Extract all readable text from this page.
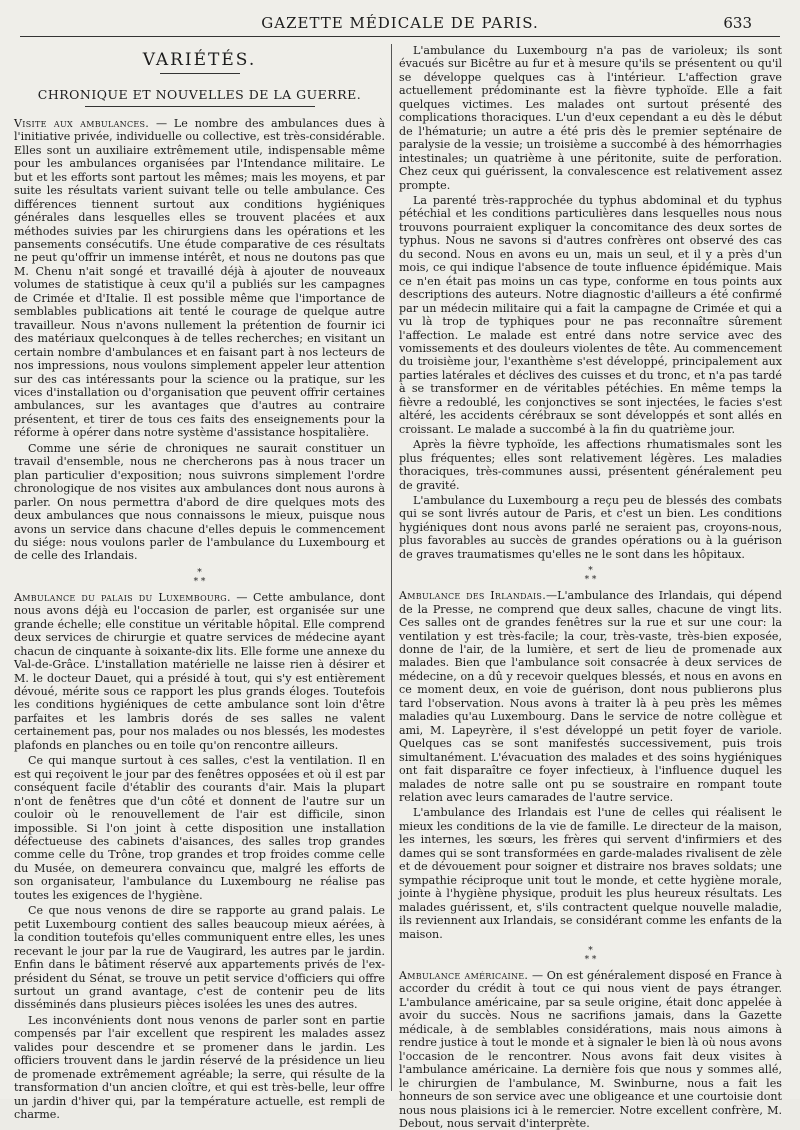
GAZETTE MÉDICALE DE PARIS.	633
VARIÉTÉS.
CHRONIQUE ET NOUVELLES DE LA GUERRE.

Visite aux ambulances. — Le nombre des ambulances dues à l'initiative privée, individuelle ou collective, est très-considérable. Elles sont un auxiliaire extrêmement utile, indispensable même pour les ambulances organisées par l'Intendance militaire. Le but et les efforts sont partout les mêmes; mais les moyens, et par suite les résultats varient suivant telle ou telle ambulance. Ces différences tiennent surtout aux conditions hygiéniques générales dans lesquelles elles se trouvent placées et aux méthodes suivies par les chirurgiens dans les opérations et les pansements consécutifs. Une étude comparative de ces résultats ne peut qu'offrir un immense intérêt, et nous ne doutons pas que M. Chenu n'ait songé et travaillé déjà à ajouter de nouveaux volumes de statistique à ceux qu'il a publiés sur les campagnes de Crimée et d'Italie. Il est possible même que l'importance de semblables publications ait tenté le courage de quelque autre travailleur. Nous n'avons nullement la prétention de fournir ici des matériaux quelconques à de telles recherches; en visitant un certain nombre d'ambulances et en faisant part à nos lecteurs de nos impressions, nous voulons simplement appeler leur attention sur des cas intéressants pour la science ou la pratique, sur les vices d'installation ou d'organisation que peuvent offrir certaines ambulances, sur les avantages que d'autres au contraire présentent, et tirer de tous ces faits des enseignements pour la réforme à opérer dans notre système d'assistance hospitalière.

Comme une série de chroniques ne saurait constituer un travail d'ensemble, nous ne chercherons pas à nous tracer un plan particulier d'exposition; nous suivrons simplement l'ordre chronologique de nos visites aux ambulances dont nous aurons à parler. On nous permettra d'abord de dire quelques mots des deux ambulances que nous connaissons le mieux, puisque nous avons un service dans chacune d'elles depuis le commencement du siége: nous voulons parler de l'ambulance du Luxembourg et de celle des Irlandais.

*
* *

Ambulance du palais du Luxembourg. — Cette ambulance, dont nous avons déjà eu l'occasion de parler, est organisée sur une grande échelle; elle constitue un véritable hôpital. Elle comprend deux services de chirurgie et quatre services de médecine ayant chacun de cinquante à soixante-dix lits. Elle forme une annexe du Val-de-Grâce. L'installation matérielle ne laisse rien à désirer et M. le docteur Dauet, qui a présidé à tout, qui s'y est entièrement dévoué, mérite sous ce rapport les plus grands éloges. Toutefois les conditions hygiéniques de cette ambulance sont loin d'être parfaites et les lambris dorés de ses salles ne valent certainement pas, pour nos malades ou nos blessés, les modestes plafonds en planches ou en toile qu'on rencontre ailleurs.

Ce qui manque surtout à ces salles, c'est la ventilation. Il en est qui reçoivent le jour par des fenêtres opposées et où il est par conséquent facile d'établir des courants d'air. Mais la plupart n'ont de fenêtres que d'un côté et donnent de l'autre sur un couloir où le renouvellement de l'air est difficile, sinon impossible. Si l'on joint à cette disposition une installation défectueuse des cabinets d'aisances, des salles trop grandes comme celle du Trône, trop grandes et trop froides comme celle du Musée, on demeurera convaincu que, malgré les efforts de son organisateur, l'ambulance du Luxembourg ne réalise pas toutes les exigences de l'hygiène.

Ce que nous venons de dire se rapporte au grand palais. Le petit Luxembourg contient des salles beaucoup mieux aérées, à la condition toutefois qu'elles communiquent entre elles, les unes recevant le jour par la rue de Vaugirard, les autres par le jardin. Enfin dans le bâtiment réservé aux appartements privés de l'ex-président du Sénat, se trouve un petit service d'officiers qui offre surtout un grand avantage, c'est de contenir peu de lits disséminés dans plusieurs pièces isolées les unes des autres.

Les inconvénients dont nous venons de parler sont en partie compensés par l'air excellent que respirent les malades assez valides pour descendre et se promener dans le jardin. Les officiers trouvent dans le jardin réservé de la présidence un lieu de promenade extrêmement agréable; la serre, qui résulte de la transformation d'un ancien cloître, et qui est très-belle, leur offre un jardin d'hiver qui, par la température actuelle, est rempli de charme.

L'ambulance du Luxembourg n'a pas de varioleux; ils sont évacués sur Bicêtre au fur et à mesure qu'ils se présentent ou qu'il se développe quelques cas à l'intérieur. L'affection grave actuellement prédominante est la fièvre typhoïde. Elle a fait quelques victimes. Les malades ont surtout présenté des complications thoraciques. L'un d'eux cependant a eu dès le début de l'hématurie; un autre a été pris dès le premier septénaire de paralysie de la vessie; un troisième a succombé à des hémorrhagies intestinales; un quatrième à une péritonite, suite de perforation. Chez ceux qui guérissent, la convalescence est relativement assez prompte.

La parenté très-rapprochée du typhus abdominal et du typhus pétéchial et les conditions particulières dans lesquelles nous nous trouvons pourraient expliquer la concomitance des deux sortes de typhus. Nous ne savons si d'autres confrères ont observé des cas du second. Nous en avons eu un, mais un seul, et il y a près d'un mois, ce qui indique l'absence de toute influence épidémique. Mais ce n'en était pas moins un cas type, conforme en tous points aux descriptions des auteurs. Notre diagnostic d'ailleurs a été confirmé par un médecin militaire qui a fait la campagne de Crimée et qui a vu là trop de typhiques pour ne pas reconnaître sûrement l'affection. Le malade est entré dans notre service avec des vomissements et des douleurs violentes de tête. Au commencement du troisième jour, l'exanthème s'est développé, principalement aux parties latérales et déclives des cuisses et du tronc, et n'a pas tardé à se transformer en de véritables pétéchies. En même temps la fièvre a redoublé, les conjonctives se sont injectées, le facies s'est altéré, les accidents cérébraux se sont développés et sont allés en croissant. Le malade a succombé à la fin du quatrième jour.

Après la fièvre typhoïde, les affections rhumatismales sont les plus fréquentes; elles sont relativement légères. Les maladies thoraciques, très-communes aussi, présentent généralement peu de gravité.

L'ambulance du Luxembourg a reçu peu de blessés des combats qui se sont livrés autour de Paris, et c'est un bien. Les conditions hygiéniques dont nous avons parlé ne seraient pas, croyons-nous, plus favorables au succès de grandes opérations ou à la guérison de graves traumatismes qu'elles ne le sont dans les hôpitaux.

*
* *

Ambulance des Irlandais.—L'ambulance des Irlandais, qui dépend de la Presse, ne comprend que deux salles, chacune de vingt lits. Ces salles ont de grandes fenêtres sur la rue et sur une cour: la ventilation y est très-facile; la cour, très-vaste, très-bien exposée, donne de l'air, de la lumière, et sert de lieu de promenade aux malades. Bien que l'ambulance soit consacrée à deux services de médecine, on a dû y recevoir quelques blessés, et nous en avons en ce moment deux, en voie de guérison, dont nous publierons plus tard l'observation. Nous avons à traiter là à peu près les mêmes maladies qu'au Luxembourg. Dans le service de notre collègue et ami, M. Lapeyrère, il s'est développé un petit foyer de variole. Quelques cas se sont manifestés successivement, puis trois simultanément. L'évacuation des malades et des soins hygiéniques ont fait disparaître ce foyer infectieux, à l'influence duquel les malades de notre salle ont pu se soustraire en rompant toute relation avec leurs camarades de l'autre service.

L'ambulance des Irlandais est l'une de celles qui réalisent le mieux les conditions de la vie de famille. Le directeur de la maison, les internes, les sœurs, les frères qui servent d'infirmiers et des dames qui se sont transformées en garde-malades rivalisent de zèle et de dévouement pour soigner et distraire nos braves soldats; une sympathie réciproque unit tout le monde, et cette hygiène morale, jointe à l'hygiène physique, produit les plus heureux résultats. Les malades guérissent, et, s'ils contractent quelque nouvelle maladie, ils reviennent aux Irlandais, se considérant comme les enfants de la maison.

*
* *

Ambulance américaine. — On est généralement disposé en France à accorder du crédit à tout ce qui nous vient de pays étranger. L'ambulance américaine, par sa seule origine, était donc appelée à avoir du succès. Nous ne sacrifions jamais, dans la Gazette médicale, à de semblables considérations, mais nous aimons à rendre justice à tout le monde et à signaler le bien là où nous avons l'occasion de le rencontrer. Nous avons fait deux visites à l'ambulance américaine. La dernière fois que nous y sommes allé, le chirurgien de l'ambulance, M. Swinburne, nous a fait les honneurs de son service avec une obligeance et une courtoisie dont nous nous plaisions ici à le remercier. Notre excellent confrère, M. Debout, nous servait d'interprète.
